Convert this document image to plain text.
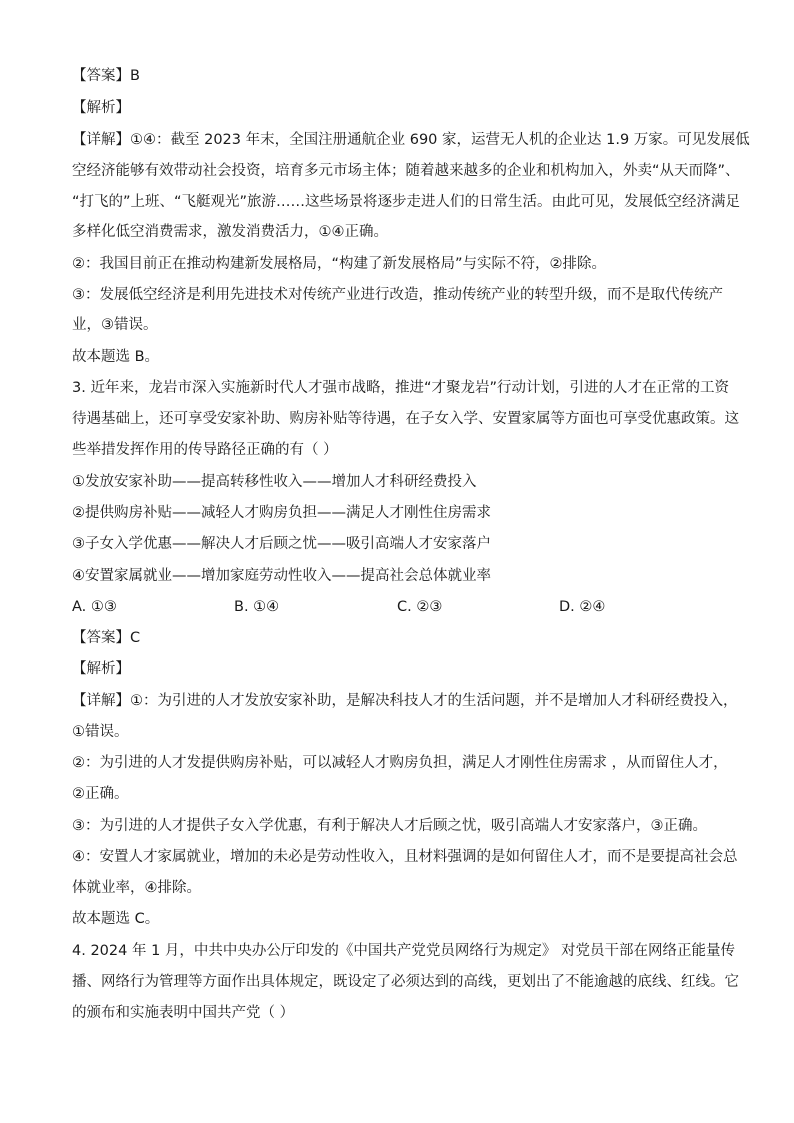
【答案】B
【解析】
【详解】①④：截至 2023 年末，全国注册通航企业 690 家，运营无人机的企业达 1.9 万家。可见发展低
空经济能够有效带动社会投资，培育多元市场主体；随着越来越多的企业和机构加入，外卖“从天而降”、
“打飞的”上班、“飞艇观光”旅游……这些场景将逐步走进人们的日常生活。由此可见，发展低空经济满足
多样化低空消费需求，激发消费活力，①④正确。
②：我国目前正在推动构建新发展格局，“构建了新发展格局”与实际不符，②排除。
③：发展低空经济是利用先进技术对传统产业进行改造，推动传统产业的转型升级，而不是取代传统产
业，③错误。
故本题选 B。
3. 近年来，龙岩市深入实施新时代人才强市战略，推进“才聚龙岩”行动计划，引进的人才在正常的工资
待遇基础上，还可享受安家补助、购房补贴等待遇，在子女入学、安置家属等方面也可享受优惠政策。这
些举措发挥作用的传导路径正确的有（ ）
①发放安家补助——提高转移性收入——增加人才科研经费投入
②提供购房补贴——减轻人才购房负担——满足人才刚性住房需求
③子女入学优惠——解决人才后顾之忧——吸引高端人才安家落户
④安置家属就业——增加家庭劳动性收入——提高社会总体就业率
A. ①③	B. ①④	C. ②③	D. ②④
【答案】C
【解析】
【详解】①：为引进的人才发放安家补助，是解决科技人才的生活问题，并不是增加人才科研经费投入，
①错误。
②：为引进的人才发提供购房补贴，可以减轻人才购房负担，满足人才刚性住房需求 ，从而留住人才，
②正确。
③：为引进的人才提供子女入学优惠，有利于解决人才后顾之忧，吸引高端人才安家落户，③正确。
④：安置人才家属就业，增加的未必是劳动性收入，且材料强调的是如何留住人才，而不是要提高社会总
体就业率，④排除。
故本题选 C。
4. 2024 年 1 月，中共中央办公厅印发的《中国共产党党员网络行为规定》 对党员干部在网络正能量传
播、网络行为管理等方面作出具体规定，既设定了必须达到的高线，更划出了不能逾越的底线、红线。它
的颁布和实施表明中国共产党（ ）
